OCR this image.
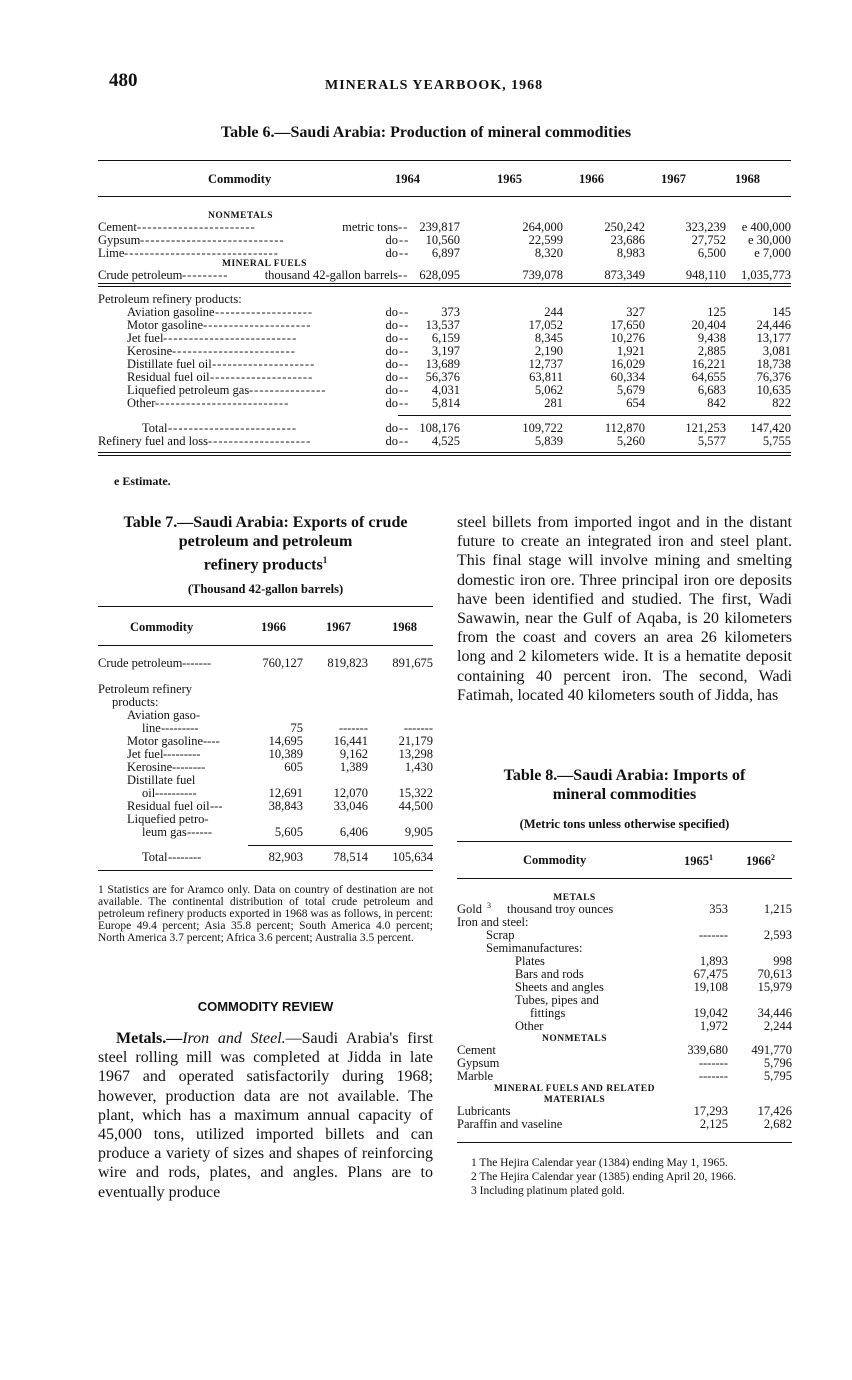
480	MINERALS YEARBOOK, 1968
Table 6.—Saudi Arabia: Production of mineral commodities
Commodity	1964	1965	1966	1967	1968
NONMETALS
Cement -----------------------	metric tons -- 239,817	264,000	250,242	323,239 e 400,000
Gypsum ----------------------------	do -- 10,560	22,599	23,686	27,752 e 30,000
Lime ------------------------------	do -- 6,897	8,320	8,983	6,500 e 7,000
MINERAL FUELS
Crude petroleum ---------	thousand 42-gallon barrels -- 628,095	739,078	873,349	948,110 1,035,773
Petroleum refinery products:
Aviation gasoline -------------------	do --	373	244	327	125	145
Motor gasoline ---------------------	do -- 13,537	17,052	17,650	20,404 24,446
Jet fuel --------------------------	do -- 6,159	8,345	10,276	9,438 13,177
Kerosine ------------------------	do -- 3,197	2,190	1,921	2,885	3,081
Distillate fuel oil --------------------	do -- 13,689	12,737	16,029	16,221 18,738
Residual fuel oil --------------------	do -- 56,376	63,811	60,334	64,655 76,376
Liquefied petroleum gas ---------------	do -- 4,031	5,062	5,679	6,683 10,635
Other --------------------------	do -- 5,814	281	654	842	822
Total -------------------------	do -- 108,176	109,722	112,870	121,253 147,420
Refinery fuel and loss --------------------	do -- 4,525	5,839	5,260	5,577	5,755
e Estimate.
Table 7.—Saudi Arabia: Exports of crude
petroleum and petroleum
refinery products$^1$
(Thousand 42-gallon barrels)
Commodity	1966	1967	1968
Crude petroleum -------	760,127 819,823 891,675
Petroleum refinery
products:
Aviation gaso-
line ---------	75	-------	-------
Motor gasoline ----	14,695 16,441 21,179
Jet fuel ---------	10,389	9,162 13,298
Kerosine --------	605	1,389	1,430
Distillate fuel
oil ----------	12,691 12,070 15,322
Residual fuel oil ---	38,843 33,046 44,500
Liquefied petro-
leum gas ------	5,605	6,406	9,905
Total --------	82,903 78,514 105,634
1 Statistics are for Aramco only. Data on country of destination are not available. The continental distribution of total crude petroleum and petroleum refinery products exported in 1968 was as follows, in percent: Europe 49.4 percent; Asia 35.8 percent; South America 4.0 percent; North America 3.7 percent; Africa 3.6 percent; Australia 3.5 percent.
COMMODITY REVIEW
Metals.—Iron and Steel.—Saudi Arabia's first steel rolling mill was completed at Jidda in late 1967 and operated satisfactorily during 1968; however, production data are not available. The plant, which has a maximum annual capacity of 45,000 tons, utilized imported billets and can produce a variety of sizes and shapes of reinforcing wire and rods, plates, and angles. Plans are to eventually produce
steel billets from imported ingot and in the distant future to create an integrated iron and steel plant. This final stage will involve mining and smelting domestic iron ore. Three principal iron ore deposits have been identified and studied. The first, Wadi Sawawin, near the Gulf of Aqaba, is 20 kilometers from the coast and covers an area 26 kilometers long and 2 kilometers wide. It is a hematite deposit containing 40 percent iron. The second, Wadi Fatimah, located 40 kilometers south of Jidda, has
Table 8.—Saudi Arabia: Imports of
mineral commodities
(Metric tons unless otherwise specified)
Commodity	1965$^1$	1966$^2$
METALS
Gold 3 thousand troy ounces	353	1,215
Iron and steel:
Scrap	-------	2,593
Semimanufactures:
Plates	1,893	998
Bars and rods	67,475 70,613
Sheets and angles	19,108 15,979
Tubes, pipes and
fittings	19,042 34,446
Other	1,972	2,244
NONMETALS
Cement	339,680 491,770
Gypsum	-------	5,796
Marble	-------	5,795
MINERAL FUELS AND RELATED
MATERIALS
Lubricants	17,293 17,426
Paraffin and vaseline	2,125	2,682
1 The Hejira Calendar year (1384) ending May 1, 1965.
2 The Hejira Calendar year (1385) ending April 20, 1966.
3 Including platinum plated gold.
